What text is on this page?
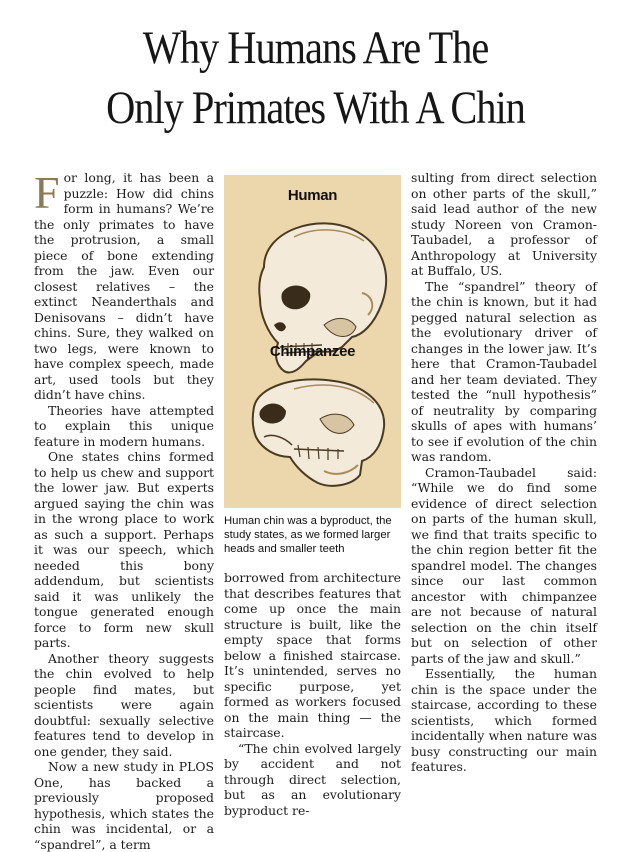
Why Humans Are The
Only Primates With A Chin

For long, it has been a puzzle: How did chins form in humans? We’re the only primates to have the protrusion, a small piece of bone extending from the jaw. Even our closest relatives – the extinct Neanderthals and Denisovans – didn’t have chins. Sure, they walked on two legs, were known to have complex speech, made art, used tools but they didn’t have chins.

Theories have attempted to explain this unique feature in modern humans.

One states chins formed to help us chew and support the lower jaw. But experts argued saying the chin was in the wrong place to work as such a support. Perhaps it was our speech, which needed this bony addendum, but scientists said it was unlikely the tongue generated enough force to form new skull parts.

Another theory suggests the chin evolved to help people find mates, but scientists were again doubtful: sexually selective features tend to develop in one gender, they said.

Now a new study in PLOS One, has backed a previously proposed hypothesis, which states the chin was incidental, or a “spandrel”, a term

Human
Chimpanzee
Human chin was a byproduct, the study states, as we formed larger heads and smaller teeth

borrowed from architecture that describes features that come up once the main structure is built, like the empty space that forms below a finished staircase. It’s unintended, serves no specific purpose, yet formed as workers focused on the main thing — the staircase.

“The chin evolved largely by accident and not through direct selection, but as an evolutionary byproduct re-

sulting from direct selection on other parts of the skull,” said lead author of the new study Noreen von Cramon-Taubadel, a professor of Anthropology at University at Buffalo, US.

The “spandrel” theory of the chin is known, but it had pegged natural selection as the evolutionary driver of changes in the lower jaw. It’s here that Cramon-Taubadel and her team deviated. They tested the “null hypothesis” of neutrality by comparing skulls of apes with humans’ to see if evolution of the chin was random.

Cramon-Taubadel said: “While we do find some evidence of direct selection on parts of the human skull, we find that traits specific to the chin region better fit the spandrel model. The changes since our last common ancestor with chimpanzee are not because of natural selection on the chin itself but on selection of other parts of the jaw and skull.”

Essentially, the human chin is the space under the staircase, according to these scientists, which formed incidentally when nature was busy constructing our main features.
